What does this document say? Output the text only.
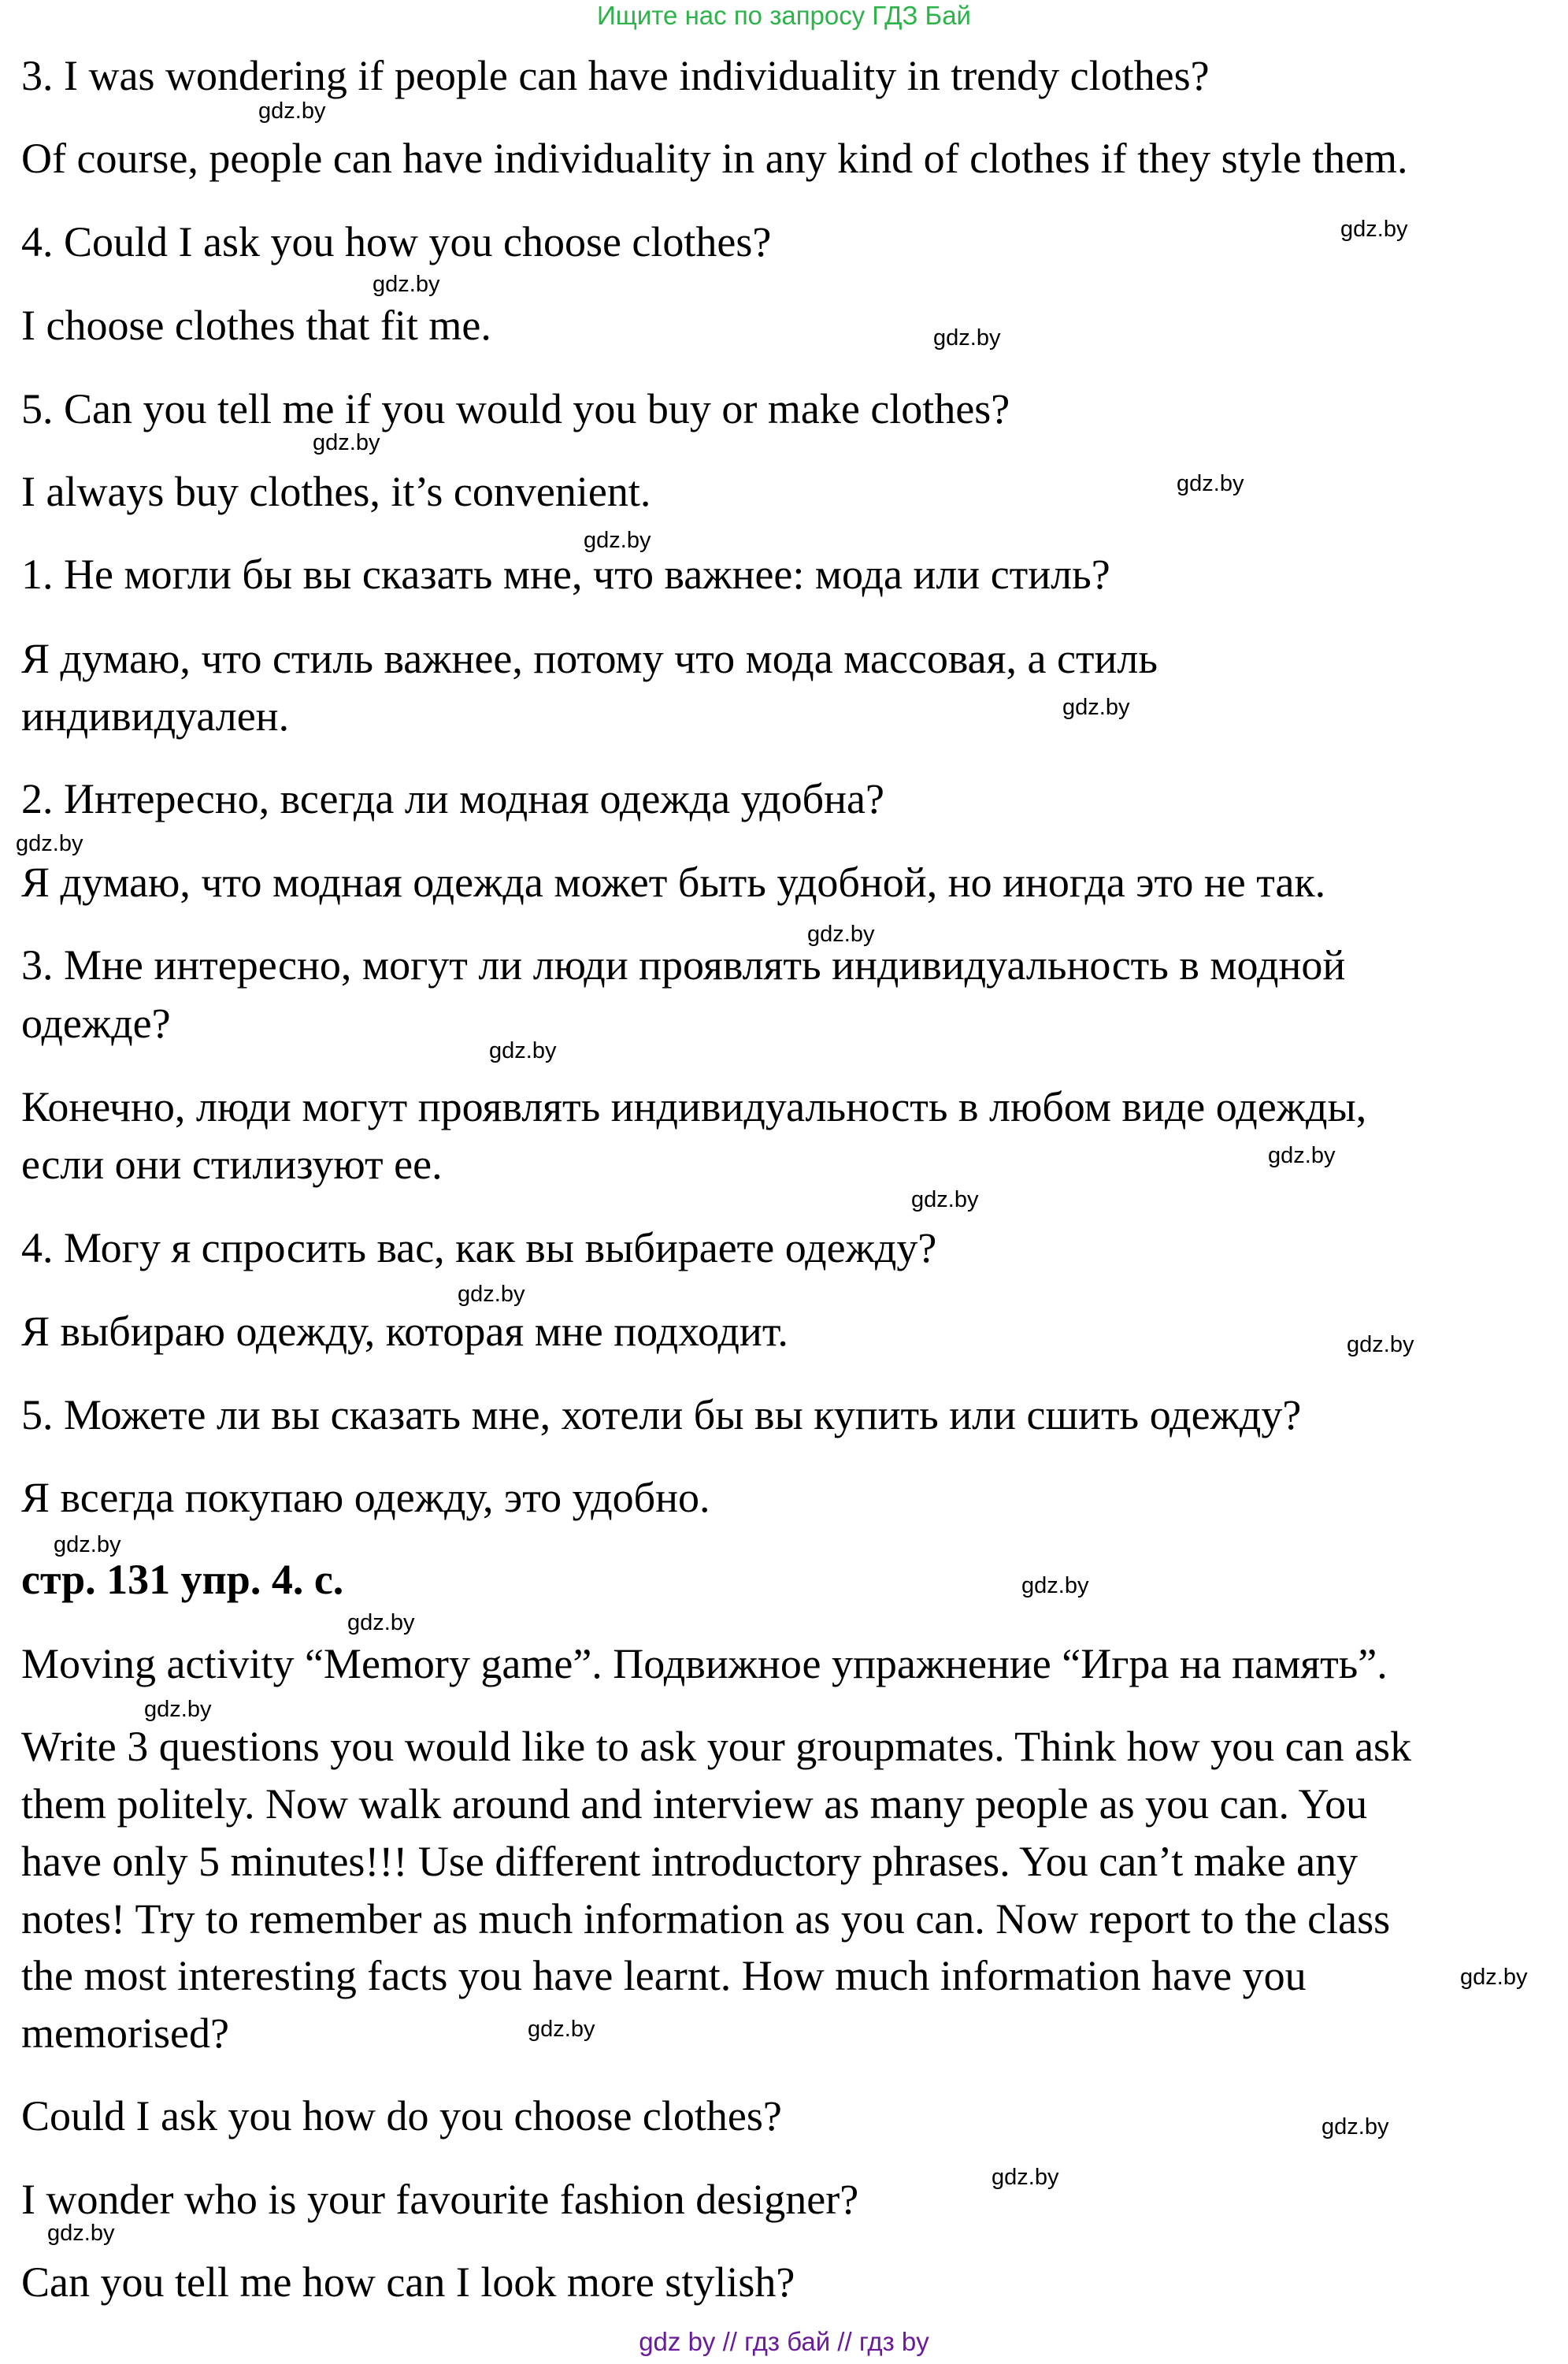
Ищите нас по запросу ГДЗ Бай

3. I was wondering if people can have individuality in trendy clothes?

Of course, people can have individuality in any kind of clothes if they style them.

4. Could I ask you how you choose clothes?

I choose clothes that fit me.

5. Can you tell me if you would you buy or make clothes?

I always buy clothes, it’s convenient.

1. Не могли бы вы сказать мне, что важнее: мода или стиль?

Я думаю, что стиль важнее, потому что мода массовая, а стиль

индивидуален.

2. Интересно, всегда ли модная одежда удобна?

Я думаю, что модная одежда может быть удобной, но иногда это не так.

3. Мне интересно, могут ли люди проявлять индивидуальность в модной

одежде?

Конечно, люди могут проявлять индивидуальность в любом виде одежды,

если они стилизуют ее.

4. Могу я спросить вас, как вы выбираете одежду?

Я выбираю одежду, которая мне подходит.

5. Можете ли вы сказать мне, хотели бы вы купить или сшить одежду?

Я всегда покупаю одежду, это удобно.

стр. 131 упр. 4. с.

Moving activity “Memory game”. Подвижное упражнение “Игра на память”.

Write 3 questions you would like to ask your groupmates. Think how you can ask

them politely. Now walk around and interview as many people as you can. You

have only 5 minutes!!! Use different introductory phrases. You can’t make any

notes! Try to remember as much information as you can. Now report to the class

the most interesting facts you have learnt. How much information have you

memorised?

Could I ask you how do you choose clothes?

I wonder who is your favourite fashion designer?

Can you tell me how can I look more stylish?

gdz.by
gdz.by
gdz.by
gdz.by
gdz.by
gdz.by
gdz.by
gdz.by
gdz.by
gdz.by
gdz.by
gdz.by
gdz.by
gdz.by
gdz.by
gdz.by
gdz.by
gdz.by
gdz.by
gdz.by
gdz.by
gdz.by
gdz.by
gdz.by
gdz by // гдз бай // гдз by
